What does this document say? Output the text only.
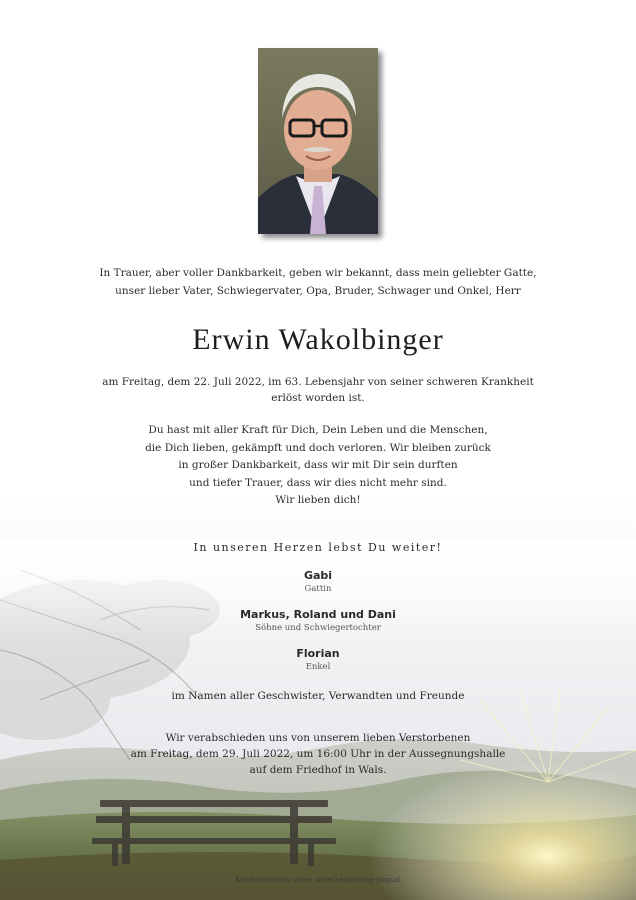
In Trauer, aber voller Dankbarkeit, geben wir bekannt, dass mein geliebter Gatte,
unser lieber Vater, Schwiegervater, Opa, Bruder, Schwager und Onkel, Herr
Erwin Wakolbinger
am Freitag, dem 22. Juli 2022, im 63. Lebensjahr von seiner schweren Krankheit
erlöst worden ist.
Du hast mit aller Kraft für Dich, Dein Leben und die Menschen,
die Dich lieben, gekämpft und doch verloren. Wir bleiben zurück
in großer Dankbarkeit, dass wir mit Dir sein durften
und tiefer Trauer, dass wir dies nicht mehr sind.
Wir lieben dich!
In unseren Herzen lebst Du weiter!
Gabi
Gattin
Markus, Roland und Dani
Söhne und Schwiegertochter
Florian
Enkel
im Namen aller Geschwister, Verwandten und Freunde
Wir verabschieden uns von unserem lieben Verstorbenen
am Freitag, dem 29. Juli 2022, um 16:00 Uhr in der Aussegnungshalle
auf dem Friedhof in Wals.
Kondolenzbuch unter: www.bestattung-jung.at
